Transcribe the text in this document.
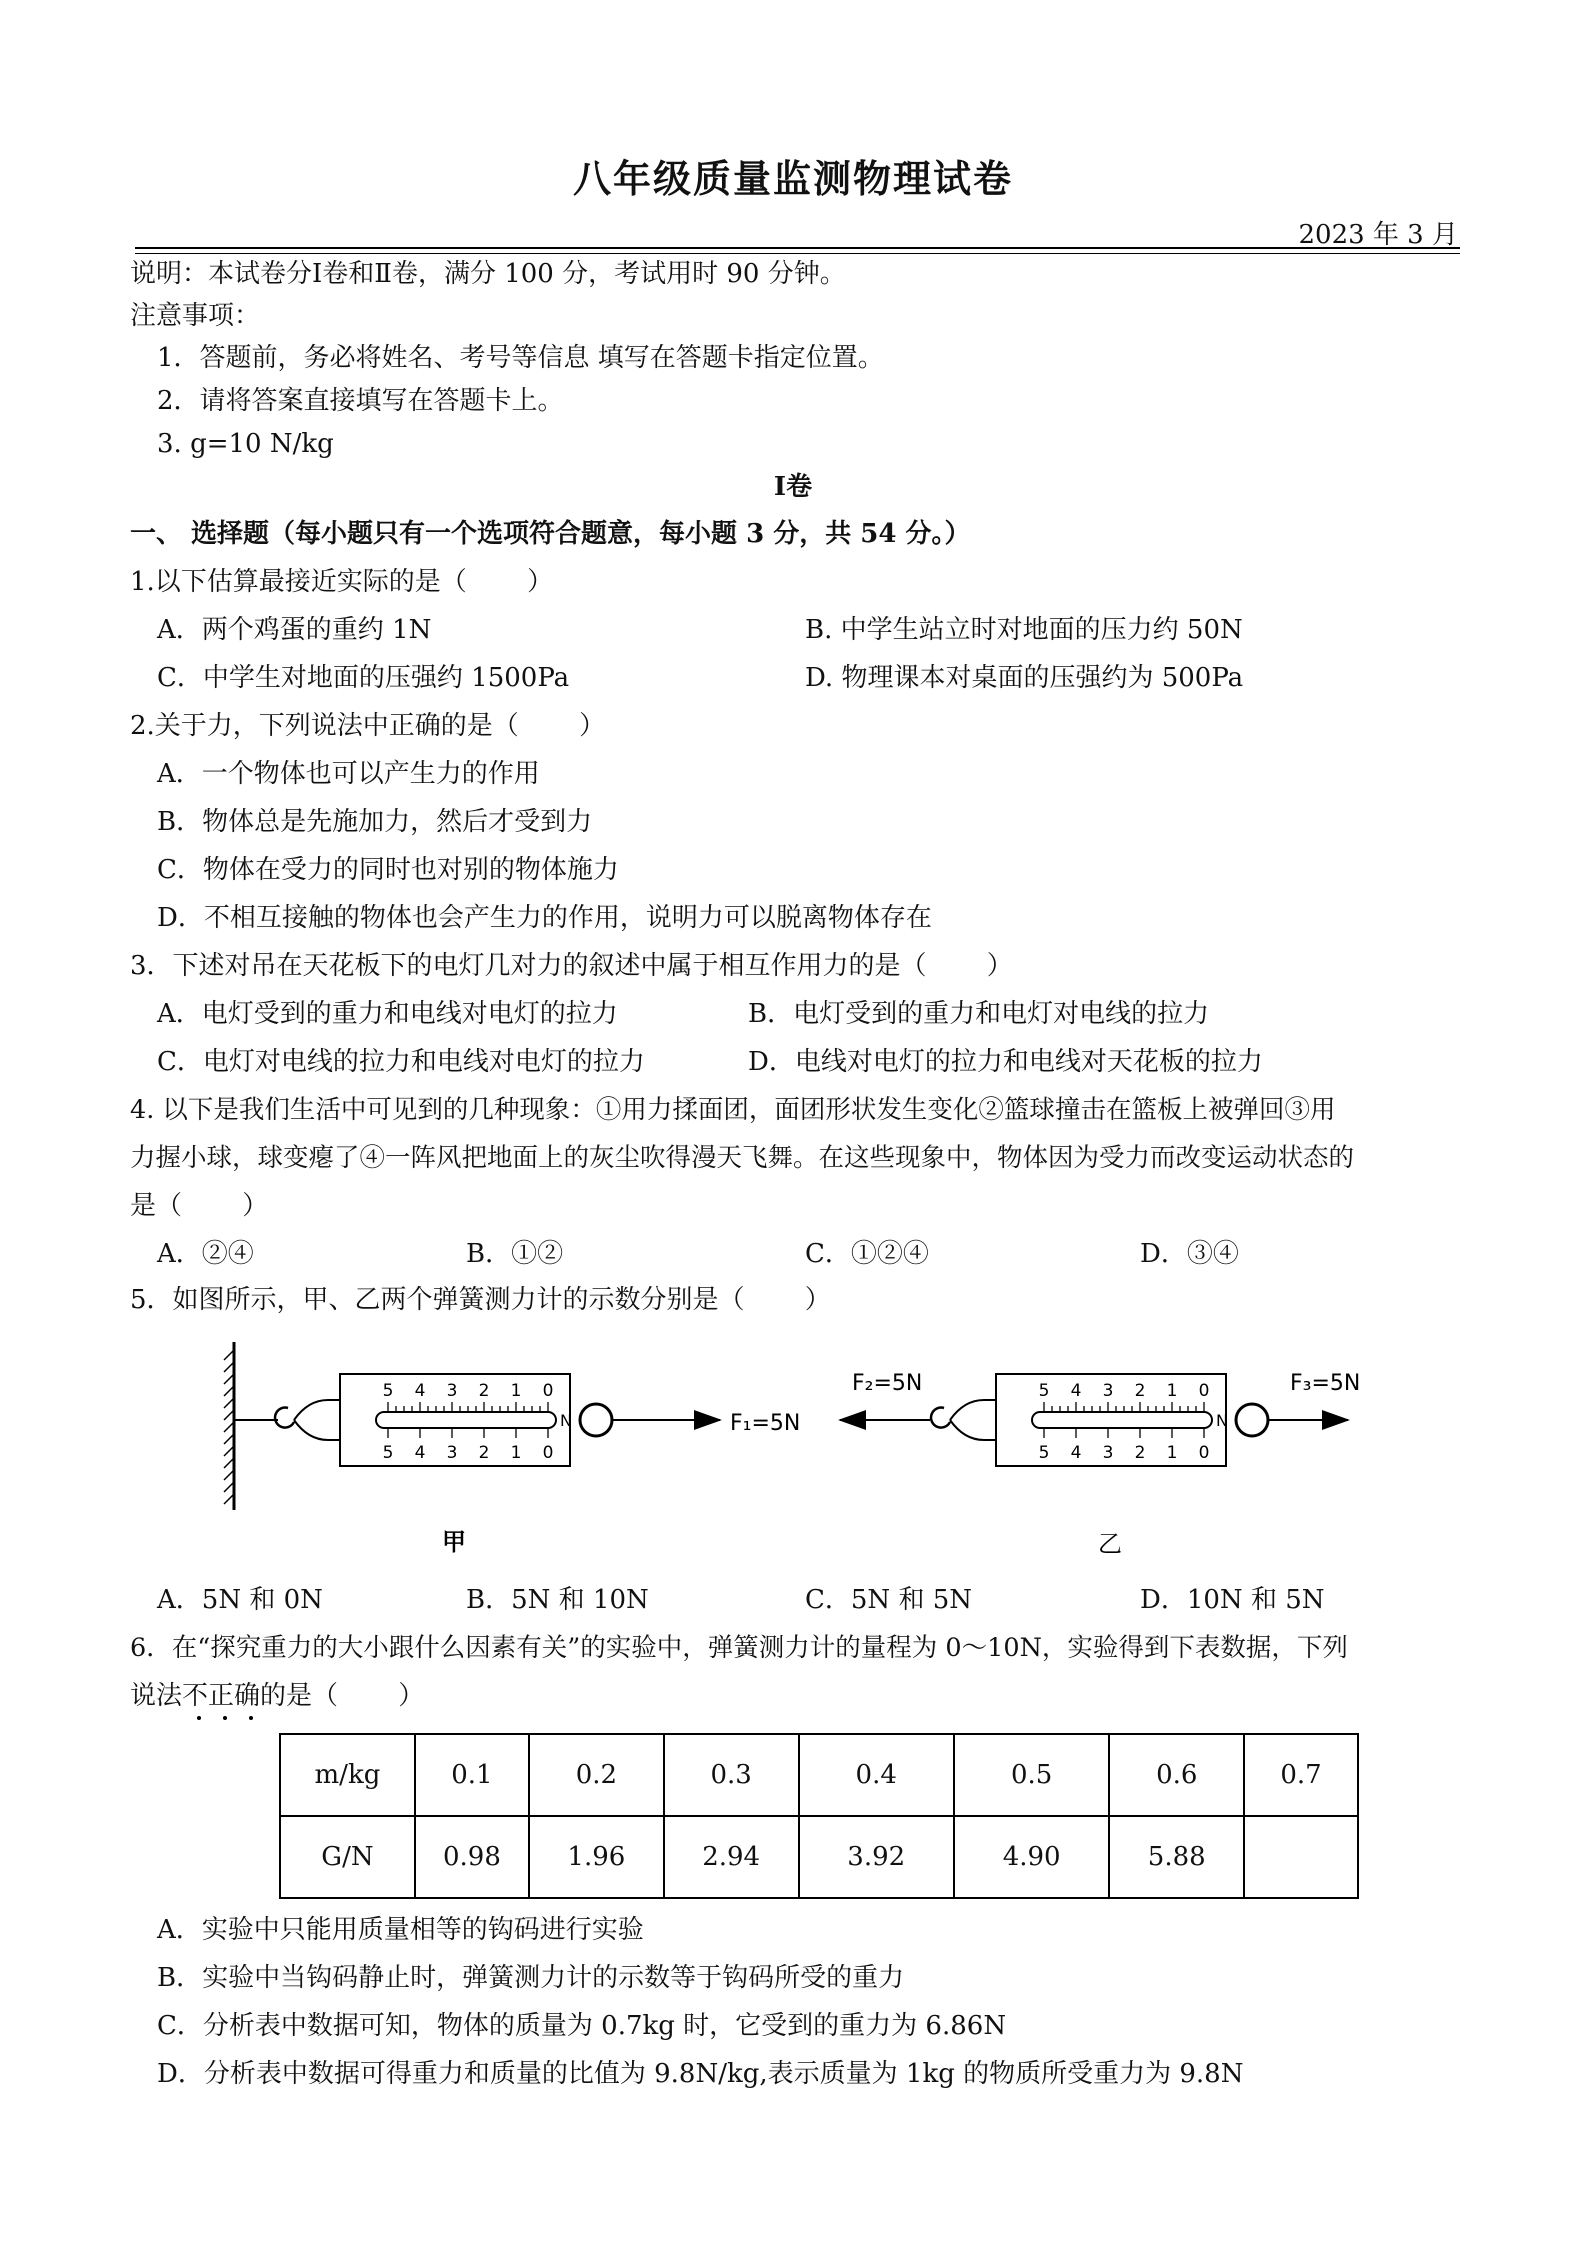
八年级质量监测物理试卷
2023 年 3 月
说明：本试卷分Ⅰ卷和Ⅱ卷，满分 100 分，考试用时 90 分钟。
注意事项：
1．答题前，务必将姓名、考号等信息 填写在答题卡指定位置。
2．请将答案直接填写在答题卡上。
3. g=10 N/kg
Ⅰ卷
一、 选择题（每小题只有一个选项符合题意，每小题 3 分，共 54 分。）
1.以下估算最接近实际的是（　　 ）
A．两个鸡蛋的重约 1N	B. 中学生站立时对地面的压力约 50N
C．中学生对地面的压强约 1500Pa	D. 物理课本对桌面的压强约为 500Pa
2.关于力，下列说法中正确的是（　　 ）
A．一个物体也可以产生力的作用
B．物体总是先施加力，然后才受到力
C．物体在受力的同时也对别的物体施力
D．不相互接触的物体也会产生力的作用，说明力可以脱离物体存在
3．下述对吊在天花板下的电灯几对力的叙述中属于相互作用力的是（　　 ）
A．电灯受到的重力和电线对电灯的拉力	B．电灯受到的重力和电灯对电线的拉力
C．电灯对电线的拉力和电线对电灯的拉力	D．电线对电灯的拉力和电线对天花板的拉力
4. 以下是我们生活中可见到的几种现象：①用力揉面团，面团形状发生变化②篮球撞击在篮板上被弹回③用
力握小球，球变瘪了④一阵风把地面上的灰尘吹得漫天飞舞。在这些现象中，物体因为受力而改变运动状态的
是（　　 ）
A．②④	B．①②	C．①②④	D．③④
5．如图所示，甲、乙两个弹簧测力计的示数分别是（　　 ）
5 4 3 2 1 0
5 4 3 2 1 0
N	F₁=5N
甲
F₂=5N	5 4 3 2 1 0
5 4 3 2 1 0
N
F₃=5N
乙
A．5N 和 0N	B．5N 和 10N	C．5N 和 5N	D．10N 和 5N
6．在“探究重力的大小跟什么因素有关”的实验中，弹簧测力计的量程为 0～10N，实验得到下表数据，下列
说法不正确的是（　　 ）
m/kg	0.1	0.2	0.3	0.4	0.5	0.6	0.7
G/N	0.98	1.96	2.94	3.92	4.90	5.88	
A．实验中只能用质量相等的钩码进行实验
B．实验中当钩码静止时，弹簧测力计的示数等于钩码所受的重力
C．分析表中数据可知，物体的质量为 0.7kg 时，它受到的重力为 6.86N
D．分析表中数据可得重力和质量的比值为 9.8N/kg,表示质量为 1kg 的物质所受重力为 9.8N
